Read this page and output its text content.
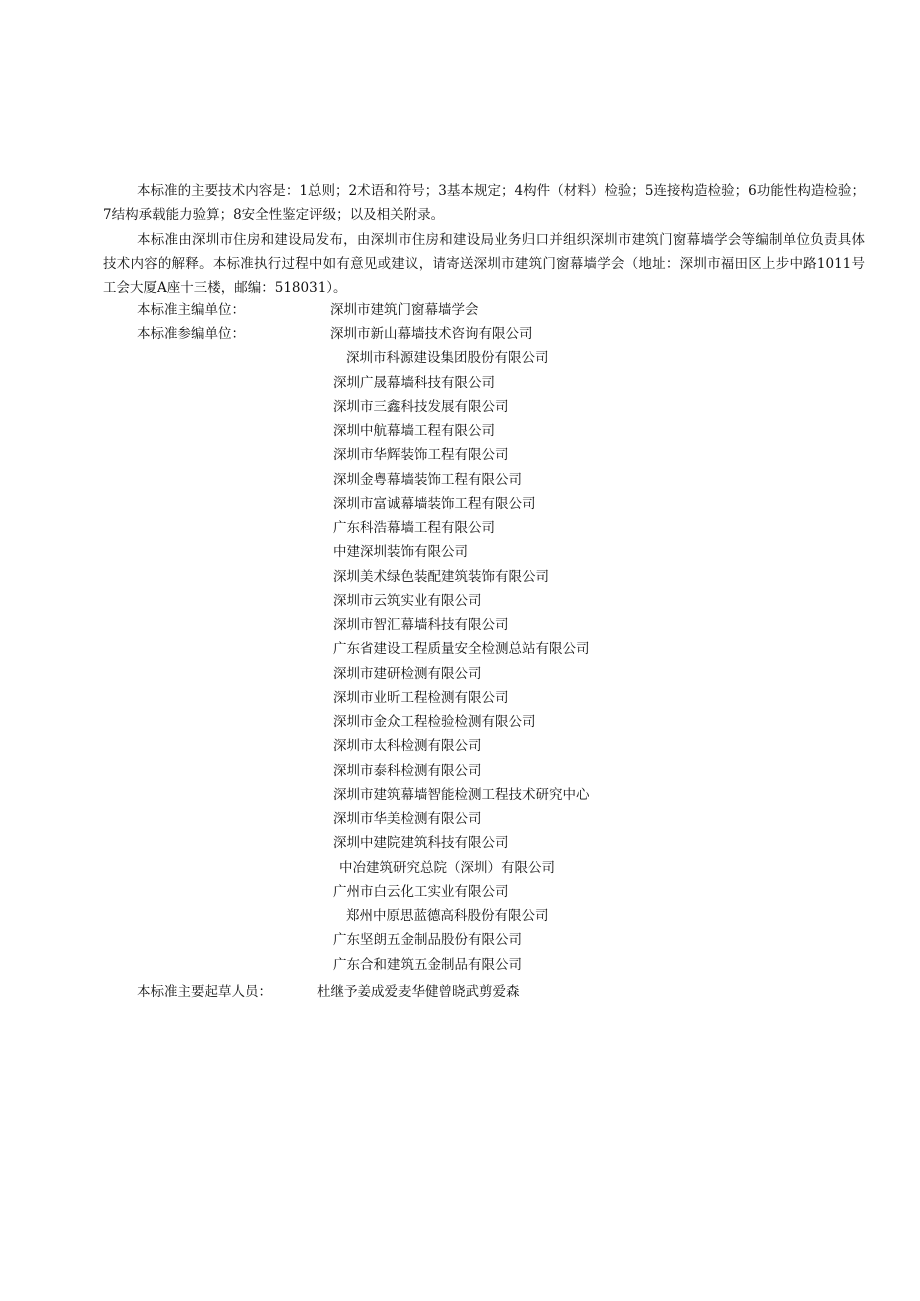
本标准的主要技术内容是：1总则；2术语和符号；3基本规定；4构件（材料）检验；5连接构造检验；6功能性构造检验；7结构承载能力验算；8安全性鉴定评级；以及相关附录。

本标准由深圳市住房和建设局发布，由深圳市住房和建设局业务归口并组织深圳市建筑门窗幕墙学会等编制单位负责具体技术内容的解释。本标准执行过程中如有意见或建议，请寄送深圳市建筑门窗幕墙学会（地址：深圳市福田区上步中路1011号工会大厦A座十三楼，邮编：518031）。

本标准主编单位：	深圳市建筑门窗幕墙学会
本标准参编单位：	深圳市新山幕墙技术咨询有限公司
深圳市科源建设集团股份有限公司
深圳广晟幕墙科技有限公司
深圳市三鑫科技发展有限公司
深圳中航幕墙工程有限公司
深圳市华辉装饰工程有限公司
深圳金粤幕墙装饰工程有限公司
深圳市富诚幕墙装饰工程有限公司
广东科浩幕墙工程有限公司
中建深圳装饰有限公司
深圳美术绿色装配建筑装饰有限公司
深圳市云筑实业有限公司
深圳市智汇幕墙科技有限公司
广东省建设工程质量安全检测总站有限公司
深圳市建研检测有限公司
深圳市业昕工程检测有限公司
深圳市金众工程检验检测有限公司
深圳市太科检测有限公司
深圳市泰科检测有限公司
深圳市建筑幕墙智能检测工程技术研究中心
深圳市华美检测有限公司
深圳中建院建筑科技有限公司
中冶建筑研究总院（深圳）有限公司
广州市白云化工实业有限公司
郑州中原思蓝德高科股份有限公司
广东坚朗五金制品股份有限公司
广东合和建筑五金制品有限公司
本标准主要起草人员：	杜继予姜成爱麦华健曾晓武剪爱森
